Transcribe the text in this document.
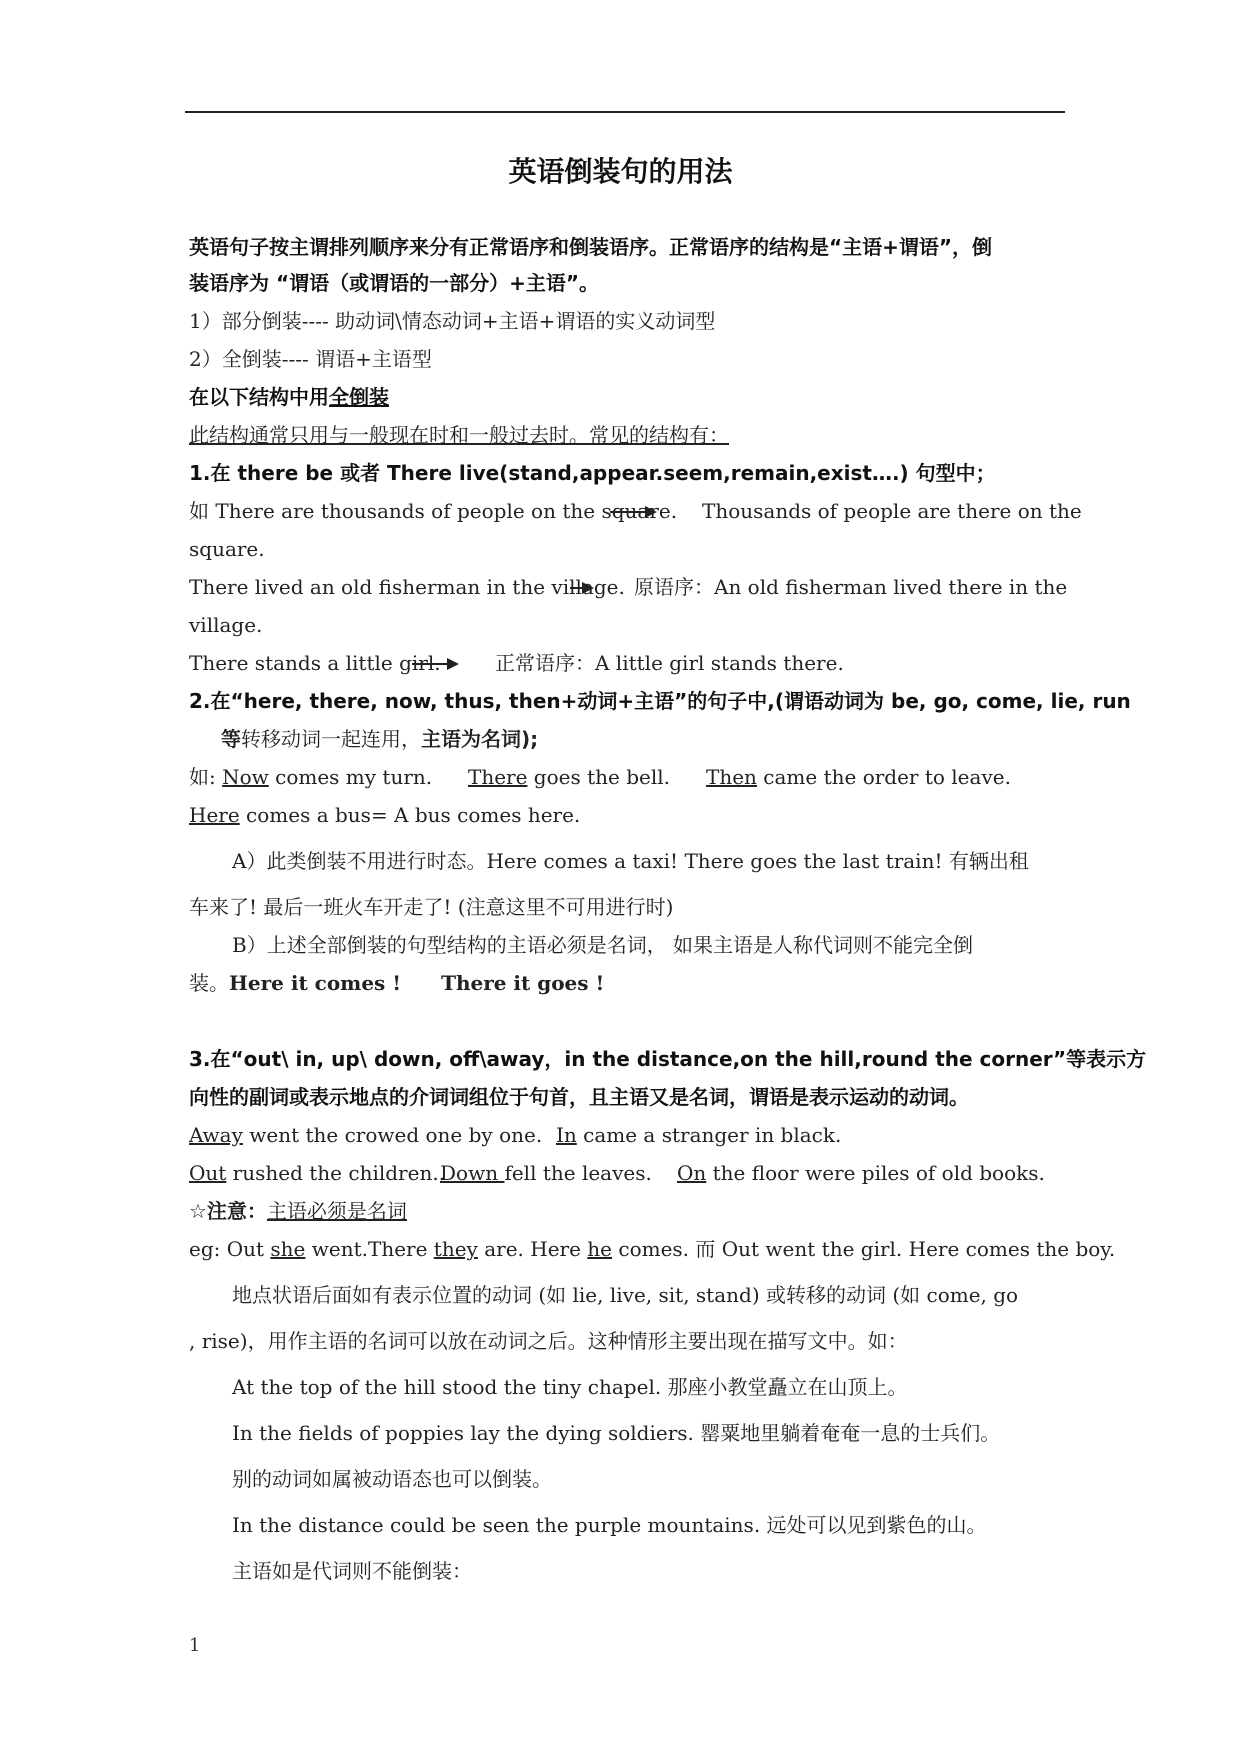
英语倒装句的用法
英语句子按主谓排列顺序来分有正常语序和倒装语序。正常语序的结构是“主语+谓语”，倒
装语序为 “谓语（或谓语的一部分）+主语”。
1）部分倒装---- 助动词\情态动词+主语+谓语的实义动词型
2）全倒装---- 谓语+主语型
在以下结构中用全倒装
此结构通常只用与一般现在时和一般过去时。常见的结构有：
1.在 there be 或者 There live(stand,appear.seem,remain,exist….) 句型中；
如 There are thousands of people on the square. Thousands of people are there on the
square.
There lived an old fisherman in the village. 原语序：An old fisherman lived there in the
village.
There stands a little girl.	正常语序：A little girl stands there.
2.在“here, there, now, thus, then+动词+主语”的句子中,(谓语动词为 be, go, come, lie, run
等转移动词一起连用，主语为名词);
如: Now comes my turn. There goes the bell. Then came the order to leave.
Here comes a bus= A bus comes here.
A）此类倒装不用进行时态。Here comes a taxi! There goes the last train! 有辆出租
车来了! 最后一班火车开走了! (注意这里不可用进行时)
B）上述全部倒装的句型结构的主语必须是名词， 如果主语是人称代词则不能完全倒
装。Here it comes ! There it goes !
3.在“out\ in, up\ down, off\away，in the distance,on the hill,round the corner”等表示方
向性的副词或表示地点的介词词组位于句首，且主语又是名词，谓语是表示运动的动词。
Away went the crowed one by one. In came a stranger in black.
Out rushed the children..
Down fell the leaves. On the floor were piles of old books.
☆注意：主语必须是名词
eg: Out she went.There they are. Here he comes. 而 Out went the girl. Here comes the boy.
地点状语后面如有表示位置的动词 (如 lie, live, sit, stand) 或转移的动词 (如 come, go
, rise)，用作主语的名词可以放在动词之后。这种情形主要出现在描写文中。如：
At the top of the hill stood the tiny chapel. 那座小教堂矗立在山顶上。
In the fields of poppies lay the dying soldiers. 罂粟地里躺着奄奄一息的士兵们。
别的动词如属被动语态也可以倒装。
In the distance could be seen the purple mountains. 远处可以见到紫色的山。
主语如是代词则不能倒装：
1
